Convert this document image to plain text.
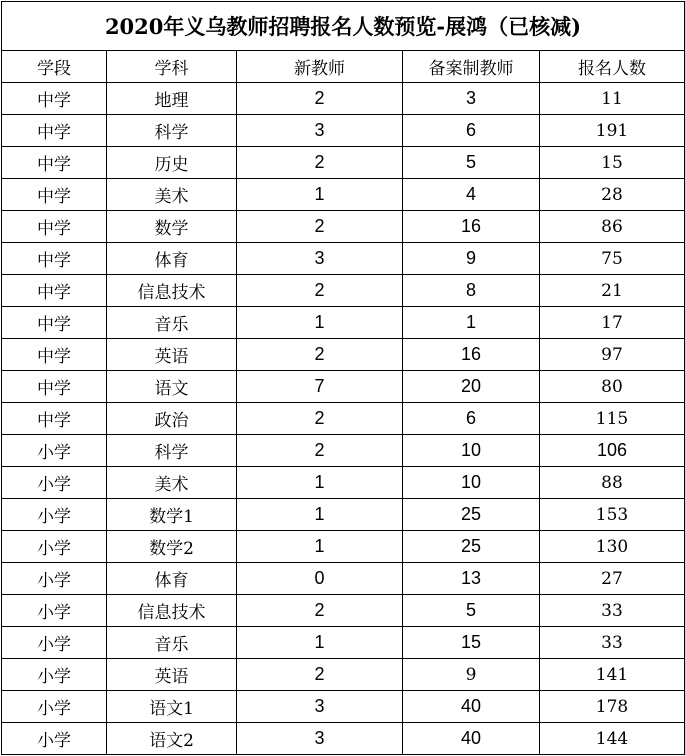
2020年义乌教师招聘报名人数预览-展鸿（已核减)				
学段	学科	新教师	备案制教师	报名人数
中学	地理	2	3	11
中学	科学	3	6	191
中学	历史	2	5	15
中学	美术	1	4	28
中学	数学	2	16	86
中学	体育	3	9	75
中学	信息技术	2	8	21
中学	音乐	1	1	17
中学	英语	2	16	97
中学	语文	7	20	80
中学	政治	2	6	115
小学	科学	2	10	106
小学	美术	1	10	88
小学	数学1	1	25	153
小学	数学2	1	25	130
小学	体育	0	13	27
小学	信息技术	2	5	33
小学	音乐	1	15	33
小学	英语	2	9	141
小学	语文1	3	40	178
小学	语文2	3	40	144
